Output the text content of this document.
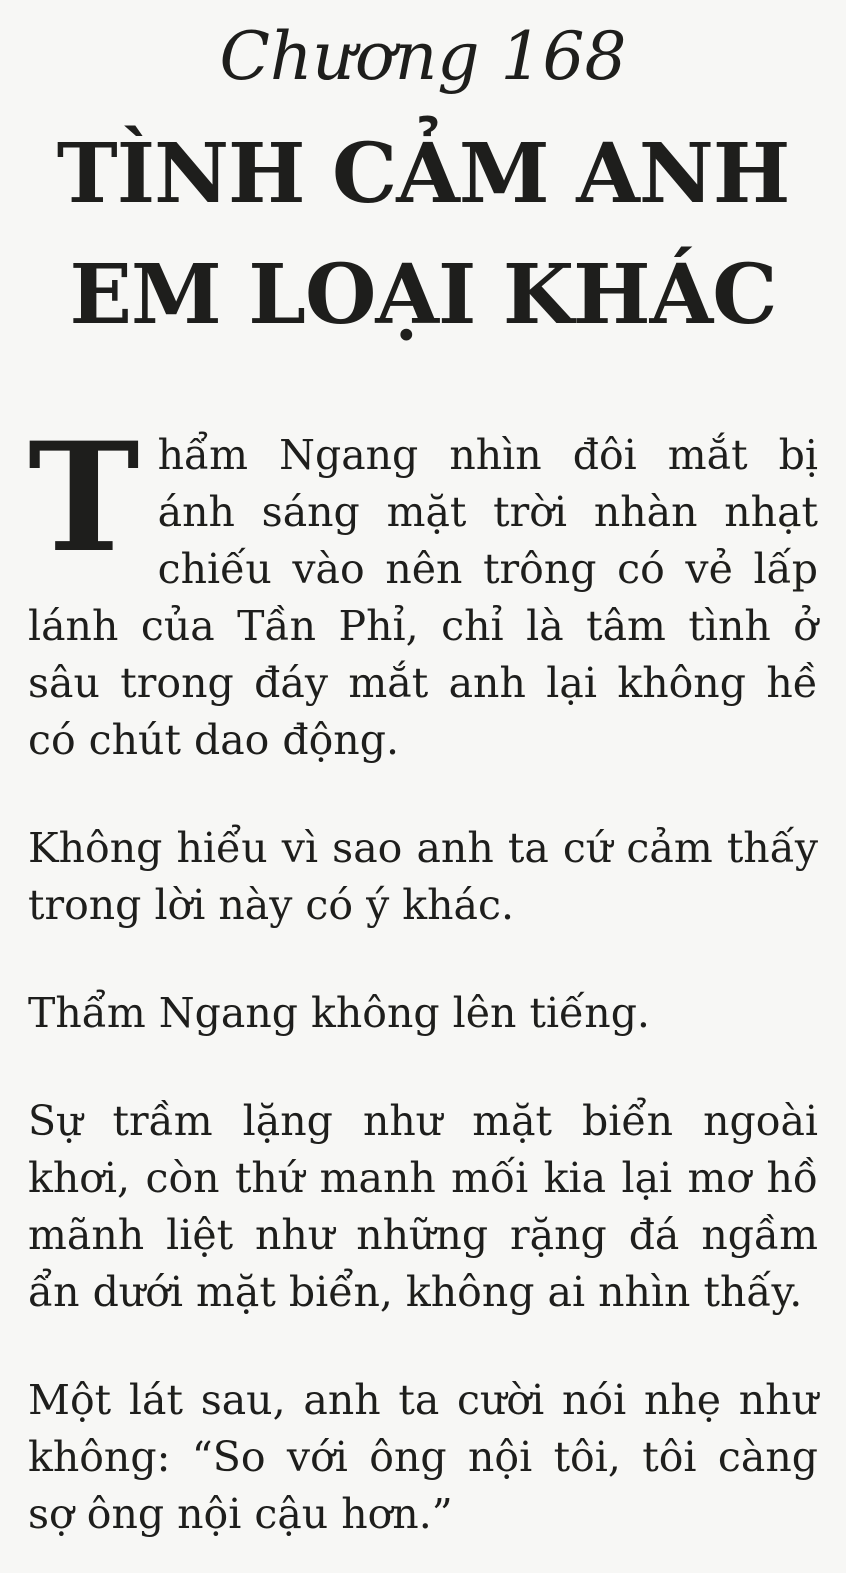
Chương 168
TÌNH CẢM ANH
EM LOẠI KHÁC

Thẩm Ngang nhìn đôi mắt bị ánh sáng mặt trời nhàn nhạt chiếu vào nên trông có vẻ lấp lánh của Tần Phỉ, chỉ là tâm tình ở sâu trong đáy mắt anh lại không hề có chút dao động.

Không hiểu vì sao anh ta cứ cảm thấy trong lời này có ý khác.

Thẩm Ngang không lên tiếng.

Sự trầm lặng như mặt biển ngoài khơi, còn thứ manh mối kia lại mơ hồ mãnh liệt như những rặng đá ngầm ẩn dưới mặt biển, không ai nhìn thấy.

Một lát sau, anh ta cười nói nhẹ như không: “So với ông nội tôi, tôi càng sợ ông nội cậu hơn.”
